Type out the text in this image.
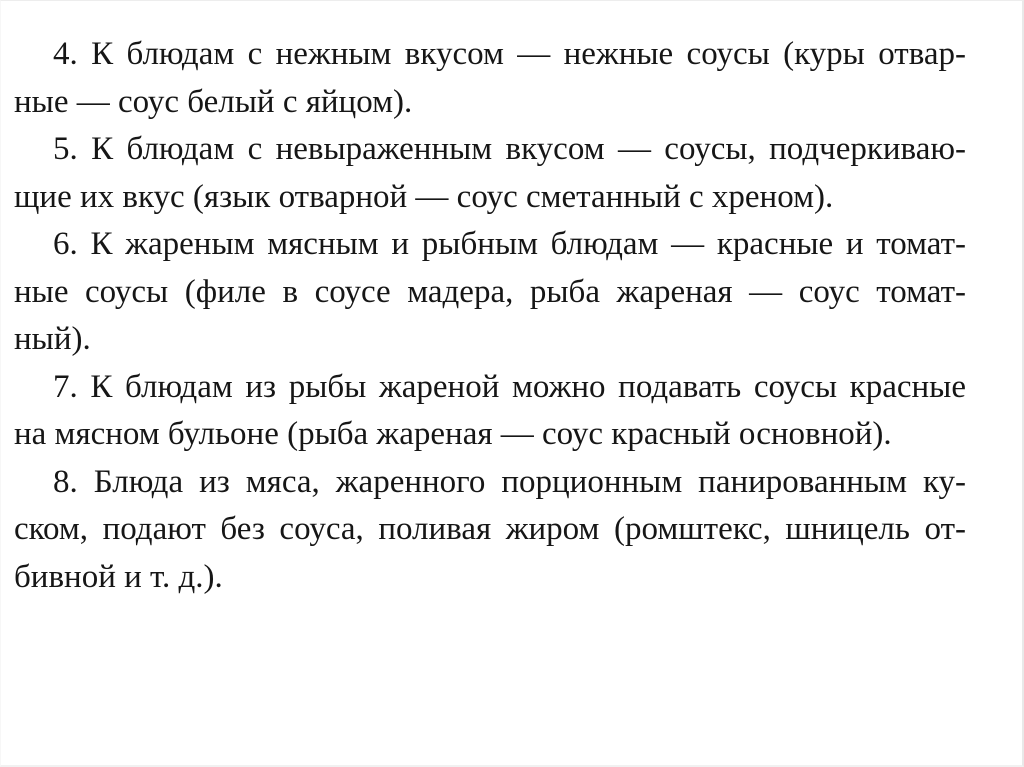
4. К блюдам с нежным вкусом — нежные соусы (куры отвар-
ные — соус белый с яйцом).
5. К блюдам с невыраженным вкусом — соусы, подчеркиваю-
щие их вкус (язык отварной — соус сметанный с хреном).
6. К жареным мясным и рыбным блюдам — красные и томат-
ные соусы (филе в соусе мадера, рыба жареная — соус томат-
ный).
7. К блюдам из рыбы жареной можно подавать соусы красные
на мясном бульоне (рыба жареная — соус красный основной).
8. Блюда из мяса, жаренного порционным панированным ку-
ском, подают без соуса, поливая жиром (ромштекс, шницель от-
бивной и т. д.).
